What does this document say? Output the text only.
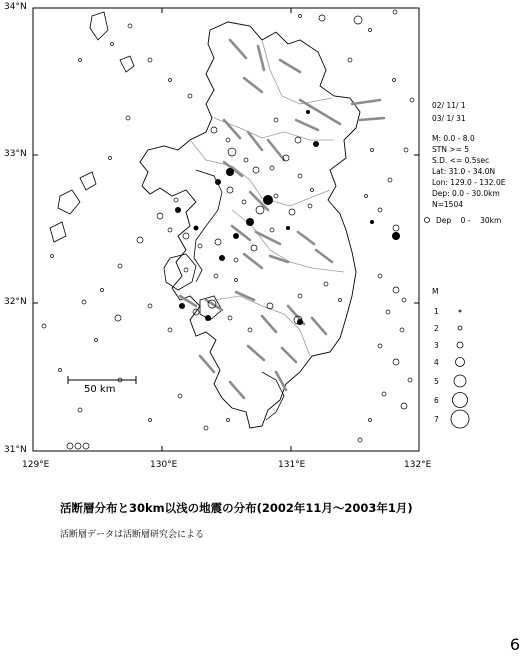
34°N
33°N
32°N
31°N
129°E	130°E	131°E	132°E
50 km
02/ 11/ 1
03/ 1/ 31
M: 0.0 - 8.0
STN >= 5
S.D. <= 0.5sec
Lat: 31.0 - 34.0N
Lon: 129.0 - 132.0E
Dep: 0.0 - 30.0km
N=1504
Dep    0 -    30km
M
1
2
3
4
5
6
7
活断層分布と30km以浅の地震の分布(2002年11月～2003年1月)
活断層データは活断層研究会による
6
